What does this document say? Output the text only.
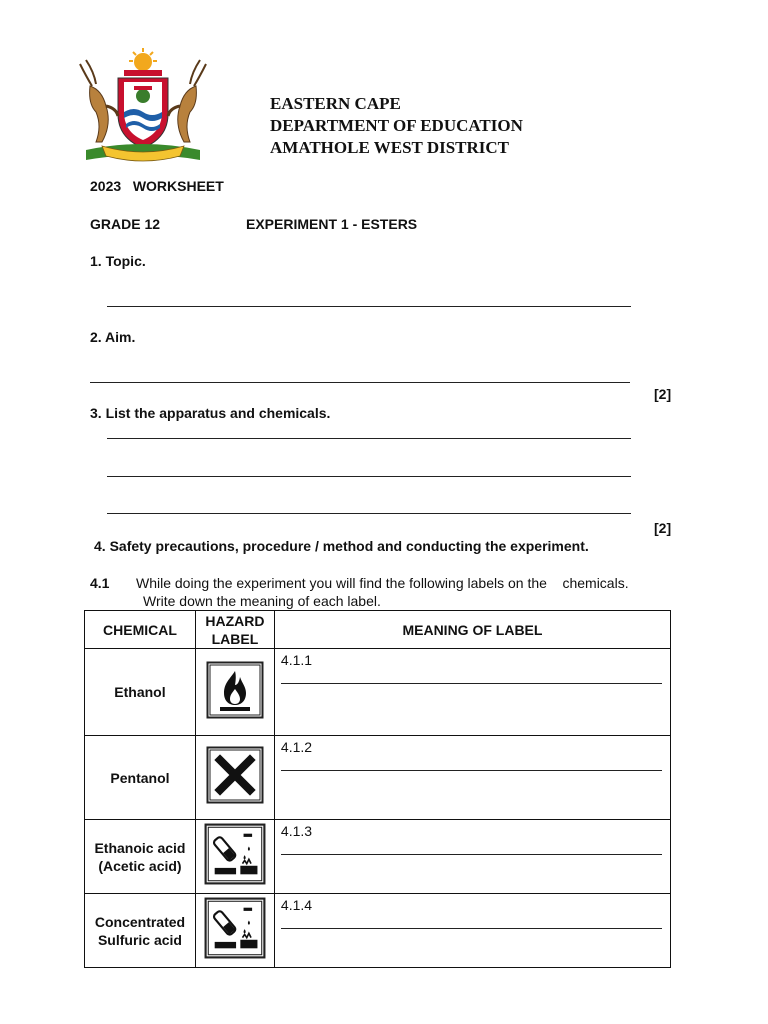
EASTERN CAPE
DEPARTMENT OF EDUCATION
AMATHOLE WEST DISTRICT
2023   WORKSHEET
GRADE 12	EXPERIMENT 1 - ESTERS
1. Topic.
2. Aim.
[2]
3. List the apparatus and chemicals.
[2]
4. Safety precautions, procedure / method and conducting the experiment.
4.1 While doing the experiment you will find the following labels on the    chemicals.
Write down the meaning of each label.
CHEMICAL	HAZARD LABEL	MEANING OF LABEL
Ethanol		4.1.1

Pentanol		4.1.2

Ethanoic acid (Acetic acid)		4.1.3

Concentrated Sulfuric acid		4.1.4
